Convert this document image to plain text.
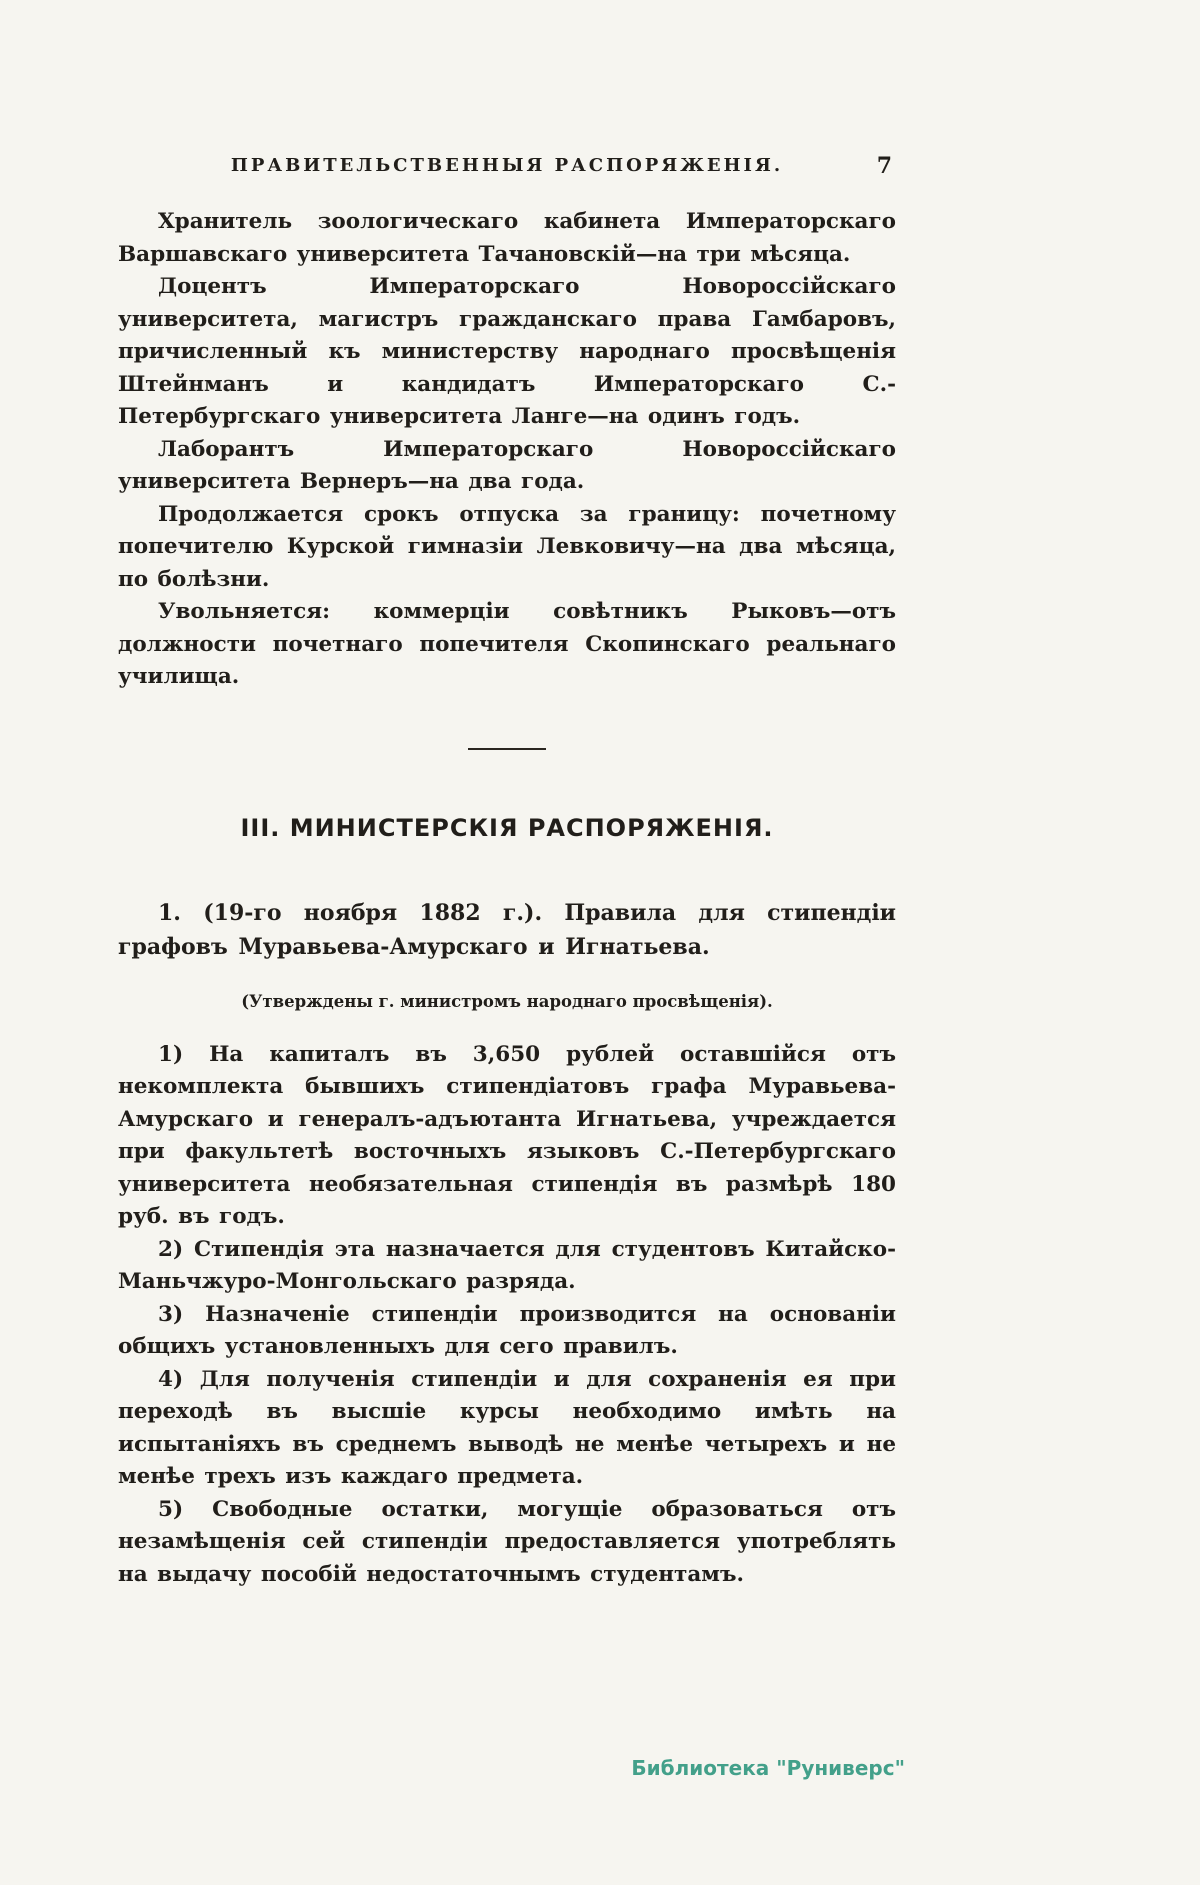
ПРАВИТЕЛЬСТВЕННЫЯ РАСПОРЯЖЕНІЯ.	7

Хранитель зоологическаго кабинета Императорскаго Варшавскаго университета Тачановскій—на три мѣсяца.

Доцентъ Императорскаго Новороссійскаго университета, магистръ гражданскаго права Гамбаровъ, причисленный къ министерству народнаго просвѣщенія Штейнманъ и кандидатъ Императорскаго С.-Петербургскаго университета Ланге—на одинъ годъ.

Лаборантъ Императорскаго Новороссійскаго университета Вернеръ—на два года.

Продолжается срокъ отпуска за границу: почетному попечителю Курской гимназіи Левковичу—на два мѣсяца, по болѣзни.

Увольняется: коммерціи совѣтникъ Рыковъ—отъ должности почетнаго попечителя Скопинскаго реальнаго училища.

III. МИНИСТЕРСКІЯ РАСПОРЯЖЕНІЯ.

1. (19-го ноября 1882 г.). Правила для стипендіи графовъ Муравьева-Амурскаго и Игнатьева.

(Утверждены г. министромъ народнаго просвѣщенія).

1) На капиталъ въ 3,650 рублей оставшійся отъ некомплекта бывшихъ стипендіатовъ графа Муравьева-Амурскаго и генералъ-адъютанта Игнатьева, учреждается при факультетѣ восточныхъ языковъ С.-Петербургскаго университета необязательная стипендія въ размѣрѣ 180 руб. въ годъ.

2) Стипендія эта назначается для студентовъ Китайско-Маньчжуро-Монгольскаго разряда.

3) Назначеніе стипендіи производится на основаніи общихъ установленныхъ для сего правилъ.

4) Для полученія стипендіи и для сохраненія ея при переходѣ въ высшіе курсы необходимо имѣть на испытаніяхъ въ среднемъ выводѣ не менѣе четырехъ и не менѣе трехъ изъ каждаго предмета.

5) Свободные остатки, могущіе образоваться отъ незамѣщенія сей стипендіи предоставляется употреблять на выдачу пособій недостаточнымъ студентамъ.

Библиотека "Руниверс"
